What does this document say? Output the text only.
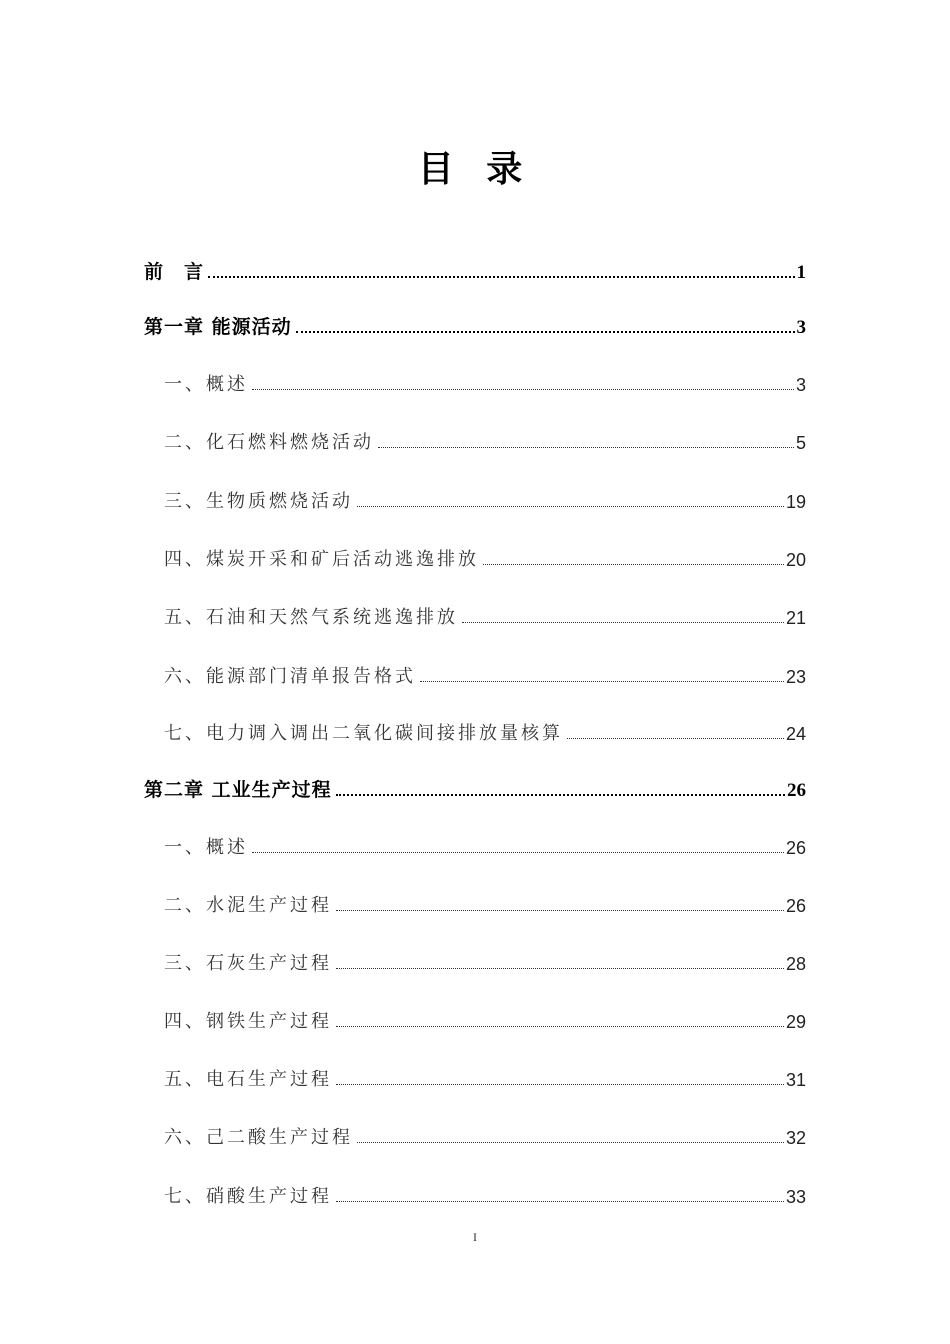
目 录
前　言	1
第一章 能源活动	3
一、概述	3
二、化石燃料燃烧活动	5
三、生物质燃烧活动	19
四、煤炭开采和矿后活动逃逸排放	20
五、石油和天然气系统逃逸排放	21
六、能源部门清单报告格式	23
七、电力调入调出二氧化碳间接排放量核算	24
第二章 工业生产过程	26
一、概述	26
二、水泥生产过程	26
三、石灰生产过程	28
四、钢铁生产过程	29
五、电石生产过程	31
六、己二酸生产过程	32
七、硝酸生产过程	33
I
